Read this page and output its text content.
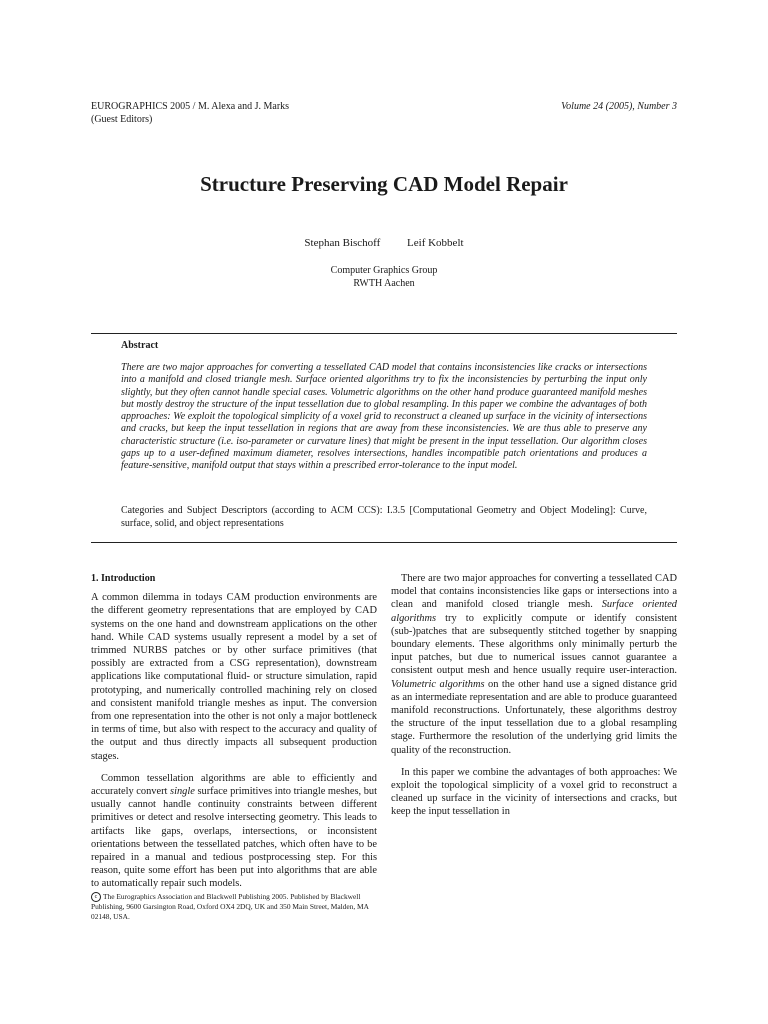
EUROGRAPHICS 2005 / M. Alexa and J. Marks
(Guest Editors)
Volume 24 (2005), Number 3
Structure Preserving CAD Model Repair
Stephan Bischoff Leif Kobbelt
Computer Graphics Group
RWTH Aachen
Abstract

There are two major approaches for converting a tessellated CAD model that contains inconsistencies like cracks or intersections into a manifold and closed triangle mesh. Surface oriented algorithms try to fix the inconsistencies by perturbing the input only slightly, but they often cannot handle special cases. Volumetric algorithms on the other hand produce guaranteed manifold meshes but mostly destroy the structure of the input tessellation due to global resampling. In this paper we combine the advantages of both approaches: We exploit the topological simplicity of a voxel grid to reconstruct a cleaned up surface in the vicinity of intersections and cracks, but keep the input tessellation in regions that are away from these inconsistencies. We are thus able to preserve any characteristic structure (i.e. iso-parameter or curvature lines) that might be present in the input tessellation. Our algorithm closes gaps up to a user-defined maximum diameter, resolves intersections, handles incompatible patch orientations and produces a feature-sensitive, manifold output that stays within a prescribed error-tolerance to the input model.

Categories and Subject Descriptors (according to ACM CCS): I.3.5 [Computational Geometry and Object Modeling]: Curve, surface, solid, and object representations

1. Introduction

A common dilemma in todays CAM production environments are the different geometry representations that are employed by CAD systems on the one hand and downstream applications on the other hand. While CAD systems usually represent a model by a set of trimmed NURBS patches or by other surface primitives (that possibly are extracted from a CSG representation), downstream applications like computational fluid- or structure simulation, rapid prototyping, and numerically controlled machining rely on closed and consistent manifold triangle meshes as input. The conversion from one representation into the other is not only a major bottleneck in terms of time, but also with respect to the accuracy and quality of the output and thus directly impacts all subsequent production stages.

Common tessellation algorithms are able to efficiently and accurately convert single surface primitives into triangle meshes, but usually cannot handle continuity constraints between different primitives or detect and resolve intersecting geometry. This leads to artifacts like gaps, overlaps, intersections, or inconsistent orientations between the tessellated patches, which often have to be repaired in a manual and tedious postprocessing step. For this reason, quite some effort has been put into algorithms that are able to automatically repair such models.

There are two major approaches for converting a tessellated CAD model that contains inconsistencies like gaps or intersections into a clean and manifold closed triangle mesh. Surface oriented algorithms try to explicitly compute or identify consistent (sub-)patches that are subsequently stitched together by snapping boundary elements. These algorithms only minimally perturb the input patches, but due to numerical issues cannot guarantee a consistent output mesh and hence usually require user-interaction. Volumetric algorithms on the other hand use a signed distance grid as an intermediate representation and are able to produce guaranteed manifold reconstructions. Unfortunately, these algorithms destroy the structure of the input tessellation due to a global resampling stage. Furthermore the resolution of the underlying grid limits the quality of the reconstruction.

In this paper we combine the advantages of both approaches: We exploit the topological simplicity of a voxel grid to reconstruct a cleaned up surface in the vicinity of intersections and cracks, but keep the input tessellation in

c The Eurographics Association and Blackwell Publishing 2005. Published by Blackwell Publishing, 9600 Garsington Road, Oxford OX4 2DQ, UK and 350 Main Street, Malden, MA 02148, USA.
